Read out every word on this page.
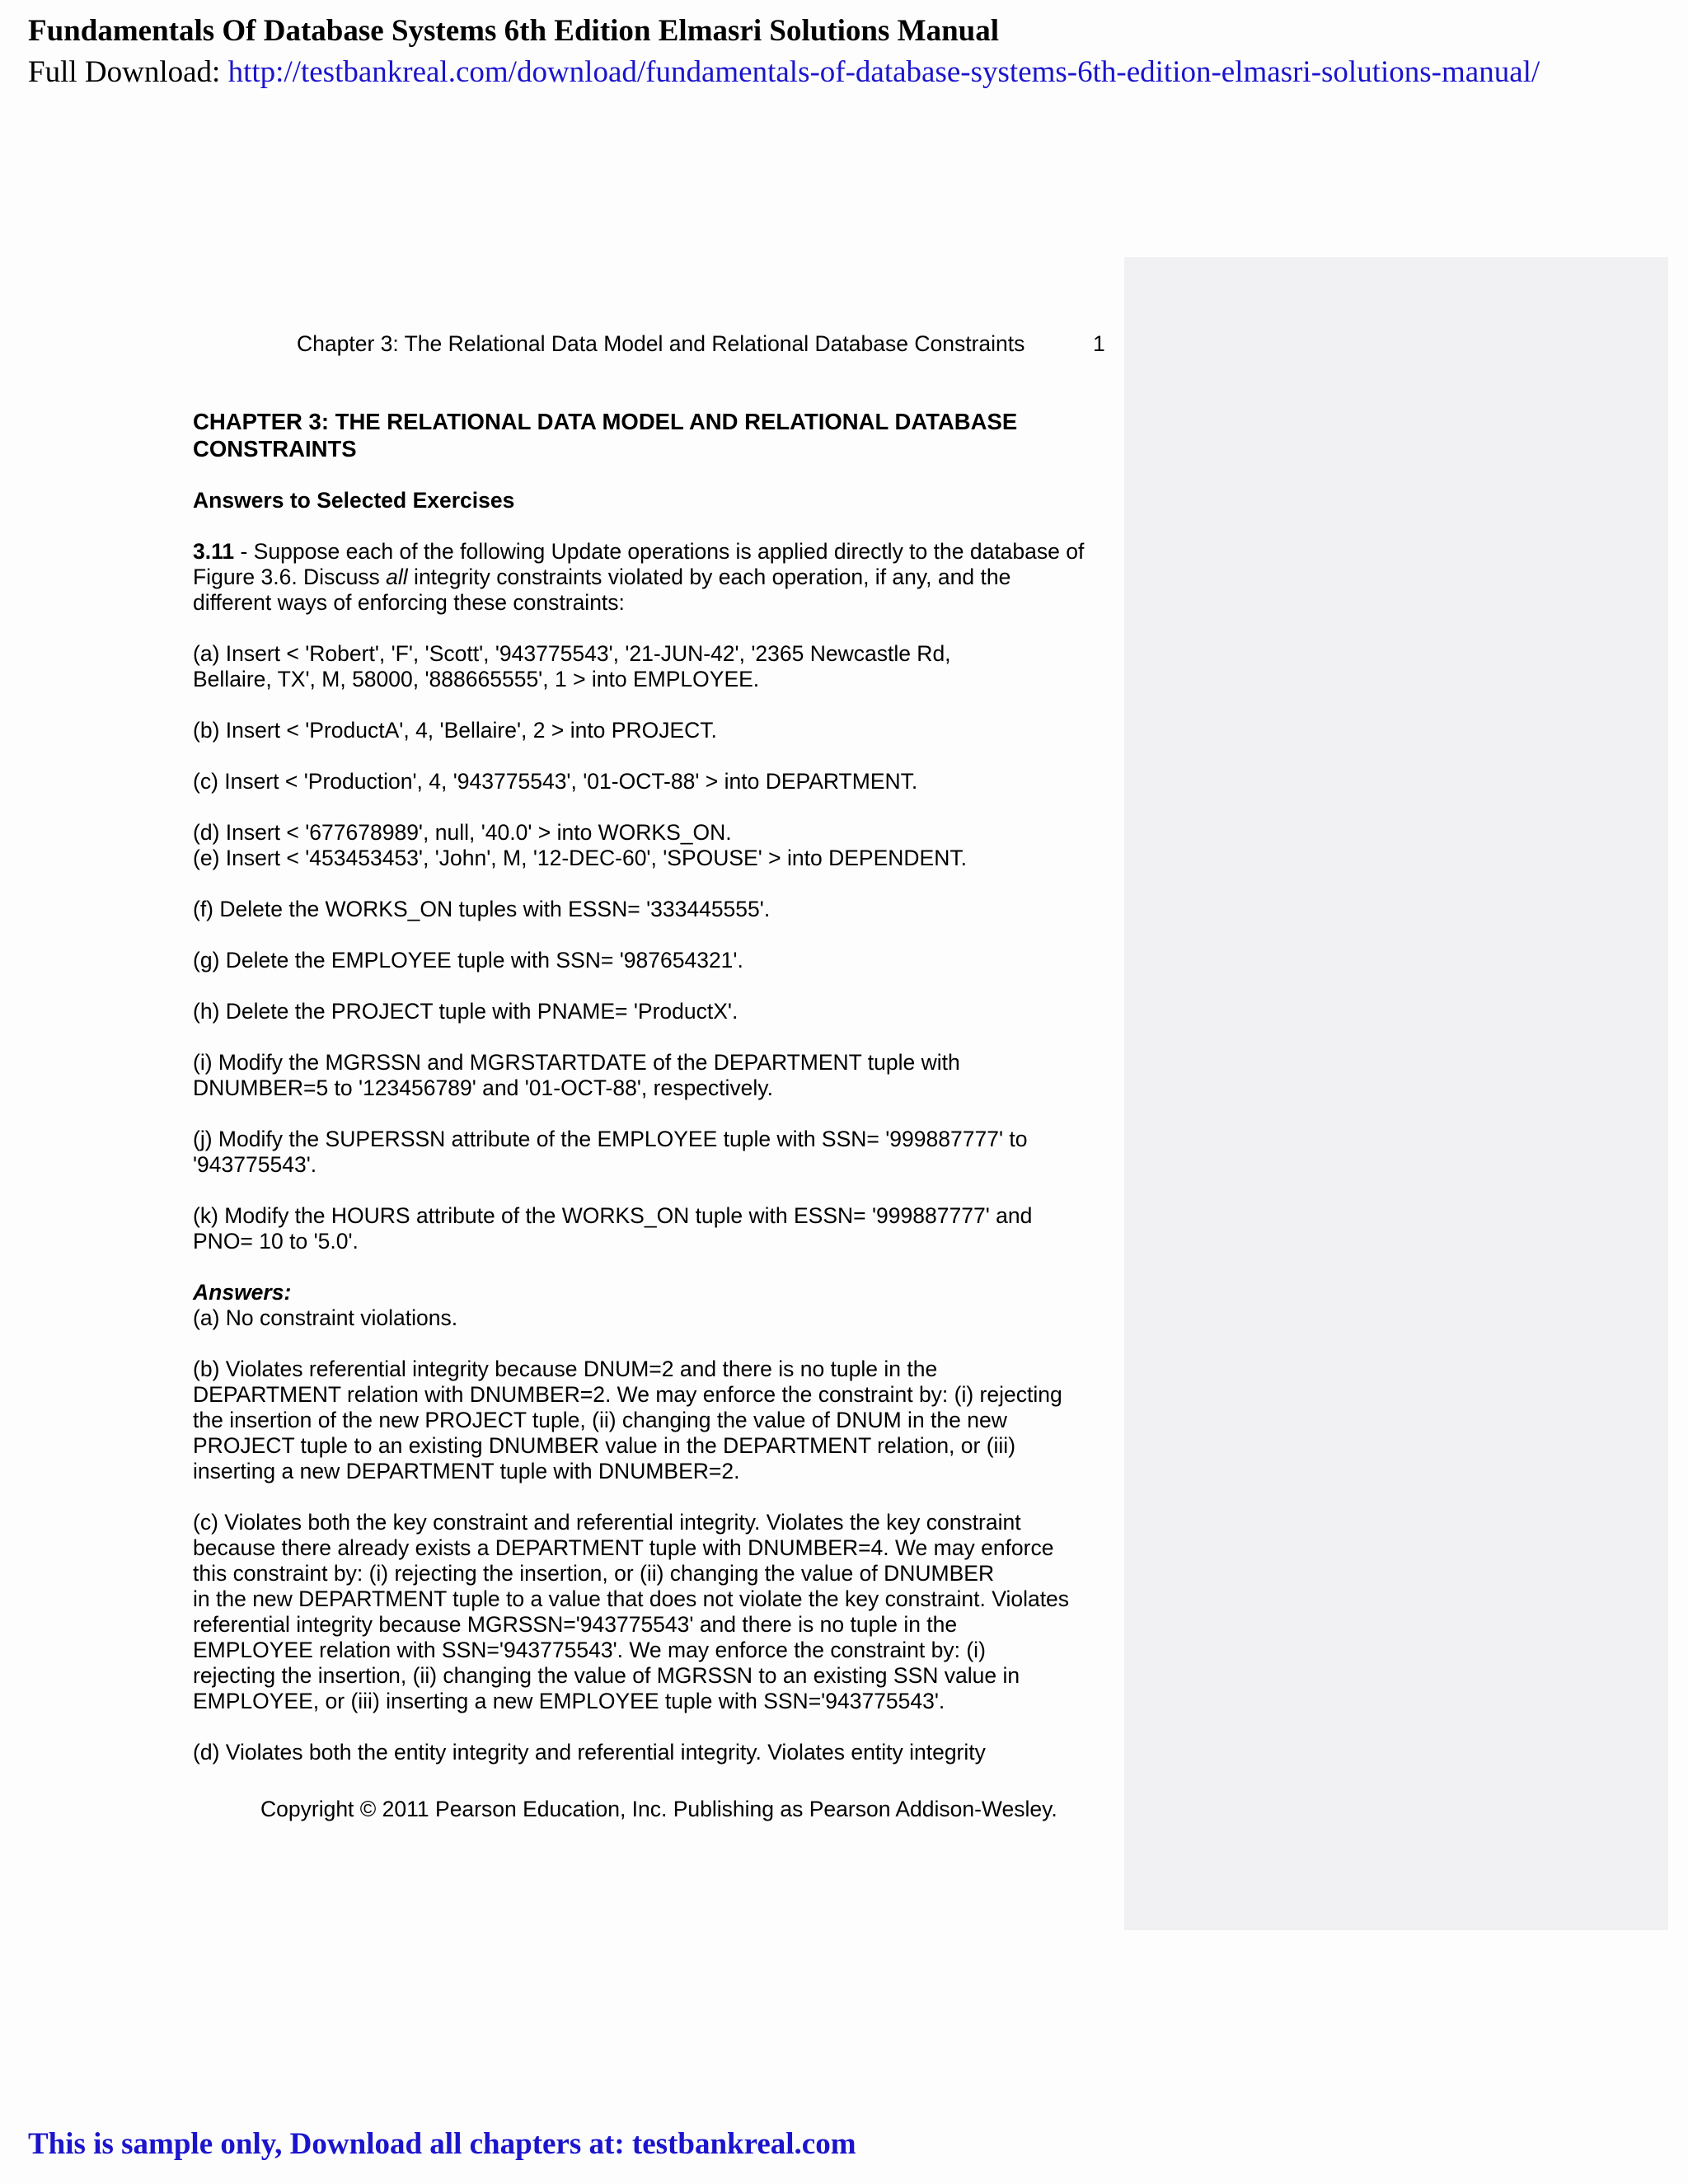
Fundamentals Of Database Systems 6th Edition Elmasri Solutions Manual
Full Download: http://testbankreal.com/download/fundamentals-of-database-systems-6th-edition-elmasri-solutions-manual/
Chapter 3: The Relational Data Model and Relational Database Constraints	1

CHAPTER 3: THE RELATIONAL DATA MODEL AND RELATIONAL DATABASE
CONSTRAINTS

Answers to Selected Exercises

3.11 - Suppose each of the following Update operations is applied directly to the database of
Figure 3.6. Discuss all integrity constraints violated by each operation, if any, and the
different ways of enforcing these constraints:

(a) Insert < 'Robert', 'F', 'Scott', '943775543', '21-JUN-42', '2365 Newcastle Rd,
Bellaire, TX', M, 58000, '888665555', 1 > into EMPLOYEE.

(b) Insert < 'ProductA', 4, 'Bellaire', 2 > into PROJECT.

(c) Insert < 'Production', 4, '943775543', '01-OCT-88' > into DEPARTMENT.

(d) Insert < '677678989', null, '40.0' > into WORKS_ON.

(e) Insert < '453453453', 'John', M, '12-DEC-60', 'SPOUSE' > into DEPENDENT.

(f) Delete the WORKS_ON tuples with ESSN= '333445555'.

(g) Delete the EMPLOYEE tuple with SSN= '987654321'.

(h) Delete the PROJECT tuple with PNAME= 'ProductX'.

(i) Modify the MGRSSN and MGRSTARTDATE of the DEPARTMENT tuple with
DNUMBER=5 to '123456789' and '01-OCT-88', respectively.

(j) Modify the SUPERSSN attribute of the EMPLOYEE tuple with SSN= '999887777' to
'943775543'.

(k) Modify the HOURS attribute of the WORKS_ON tuple with ESSN= '999887777' and
PNO= 10 to '5.0'.

Answers:
(a) No constraint violations.

(b) Violates referential integrity because DNUM=2 and there is no tuple in the
DEPARTMENT relation with DNUMBER=2. We may enforce the constraint by: (i) rejecting
the insertion of the new PROJECT tuple, (ii) changing the value of DNUM in the new
PROJECT tuple to an existing DNUMBER value in the DEPARTMENT relation, or (iii)
inserting a new DEPARTMENT tuple with DNUMBER=2.

(c) Violates both the key constraint and referential integrity. Violates the key constraint
because there already exists a DEPARTMENT tuple with DNUMBER=4. We may enforce
this constraint by: (i) rejecting the insertion, or (ii) changing the value of DNUMBER
in the new DEPARTMENT tuple to a value that does not violate the key constraint. Violates
referential integrity because MGRSSN='943775543' and there is no tuple in the
EMPLOYEE relation with SSN='943775543'. We may enforce the constraint by: (i)
rejecting the insertion, (ii) changing the value of MGRSSN to an existing SSN value in
EMPLOYEE, or (iii) inserting a new EMPLOYEE tuple with SSN='943775543'.

(d) Violates both the entity integrity and referential integrity. Violates entity integrity

Copyright © 2011 Pearson Education, Inc. Publishing as Pearson Addison-Wesley.
This is sample only, Download all chapters at: testbankreal.com
